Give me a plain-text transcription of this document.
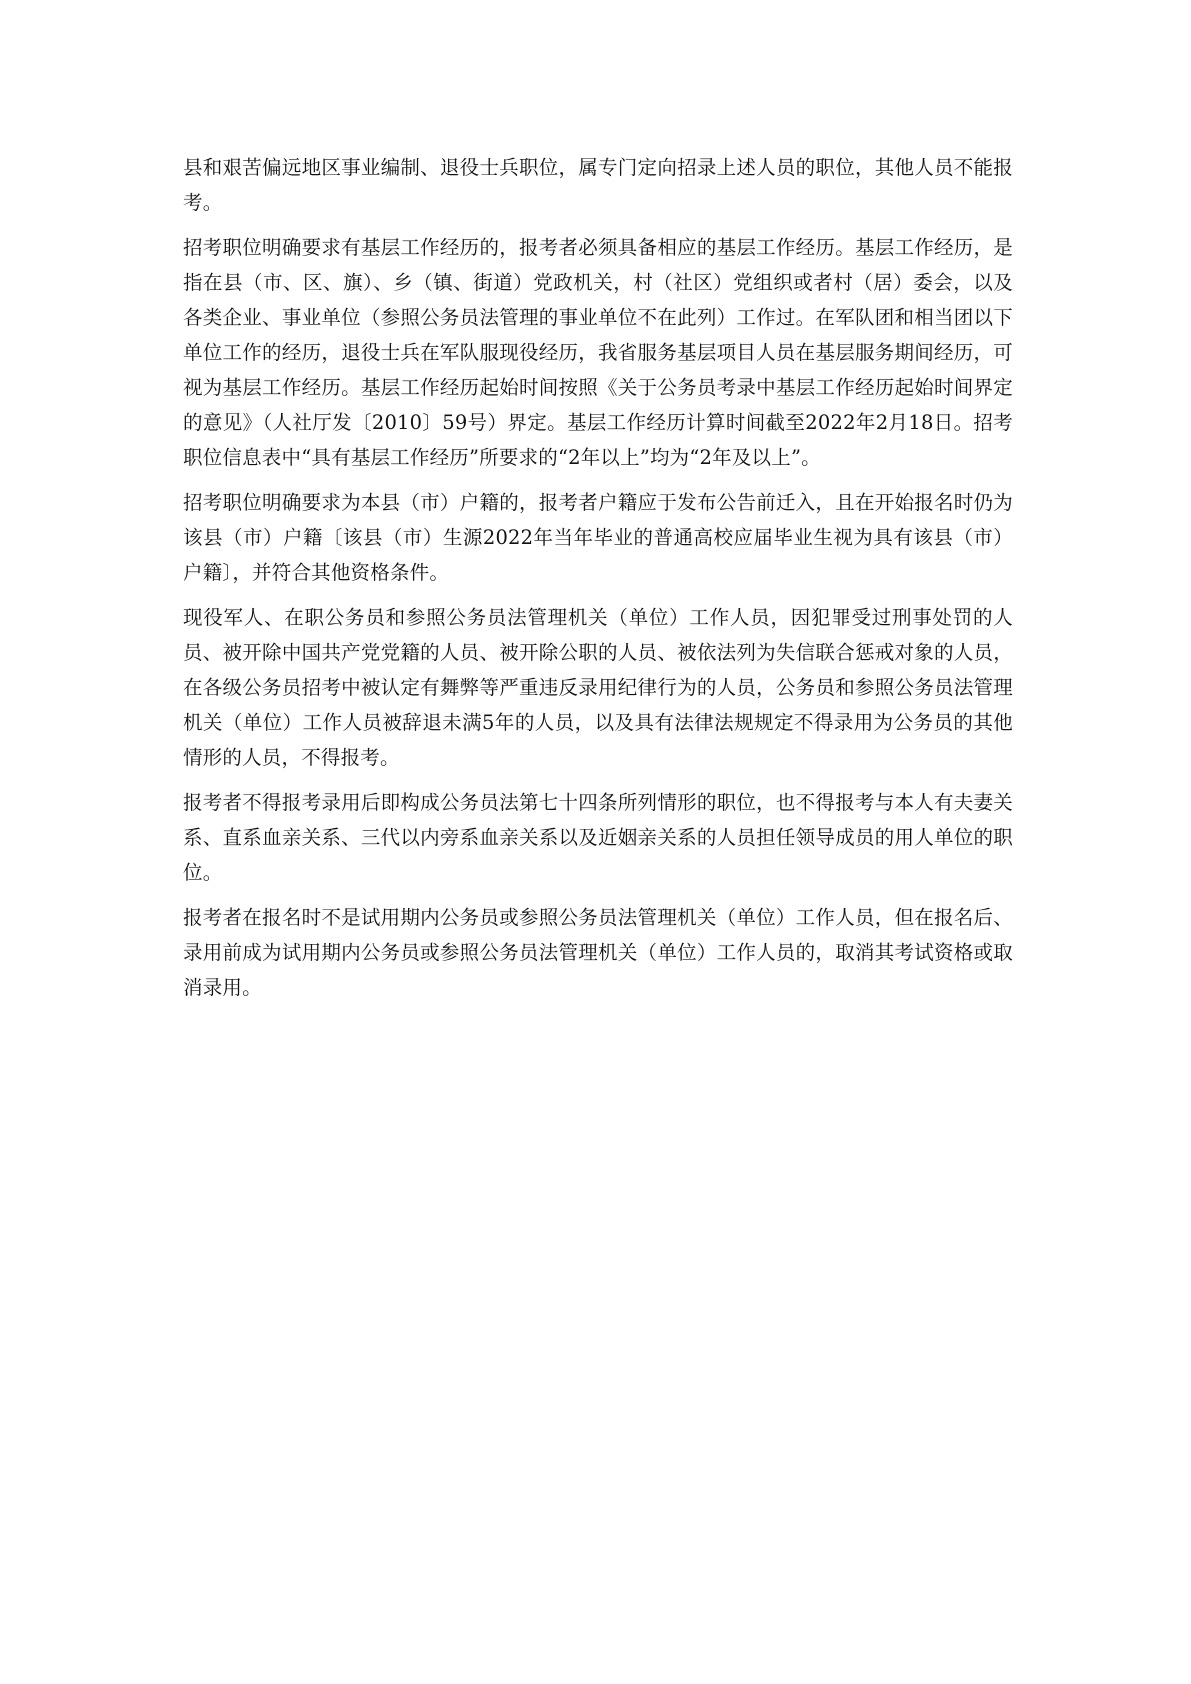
县和艰苦偏远地区事业编制、退役士兵职位，属专门定向招录上述人员的职位，其他人员不能报考。

招考职位明确要求有基层工作经历的，报考者必须具备相应的基层工作经历。基层工作经历，是指在县（市、区、旗）、乡（镇、街道）党政机关，村（社区）党组织或者村（居）委会，以及各类企业、事业单位（参照公务员法管理的事业单位不在此列）工作过。在军队团和相当团以下单位工作的经历，退役士兵在军队服现役经历，我省服务基层项目人员在基层服务期间经历，可视为基层工作经历。基层工作经历起始时间按照《关于公务员考录中基层工作经历起始时间界定的意见》（人社厅发〔2010〕59号）界定。基层工作经历计算时间截至2022年2月18日。招考职位信息表中“具有基层工作经历”所要求的“2年以上”均为“2年及以上”。

招考职位明确要求为本县（市）户籍的，报考者户籍应于发布公告前迁入，且在开始报名时仍为该县（市）户籍〔该县（市）生源2022年当年毕业的普通高校应届毕业生视为具有该县（市）户籍〕，并符合其他资格条件。

现役军人、在职公务员和参照公务员法管理机关（单位）工作人员，因犯罪受过刑事处罚的人员、被开除中国共产党党籍的人员、被开除公职的人员、被依法列为失信联合惩戒对象的人员，在各级公务员招考中被认定有舞弊等严重违反录用纪律行为的人员，公务员和参照公务员法管理机关（单位）工作人员被辞退未满5年的人员，以及具有法律法规规定不得录用为公务员的其他情形的人员，不得报考。

报考者不得报考录用后即构成公务员法第七十四条所列情形的职位，也不得报考与本人有夫妻关系、直系血亲关系、三代以内旁系血亲关系以及近姻亲关系的人员担任领导成员的用人单位的职位。

报考者在报名时不是试用期内公务员或参照公务员法管理机关（单位）工作人员，但在报名后、录用前成为试用期内公务员或参照公务员法管理机关（单位）工作人员的，取消其考试资格或取消录用。
